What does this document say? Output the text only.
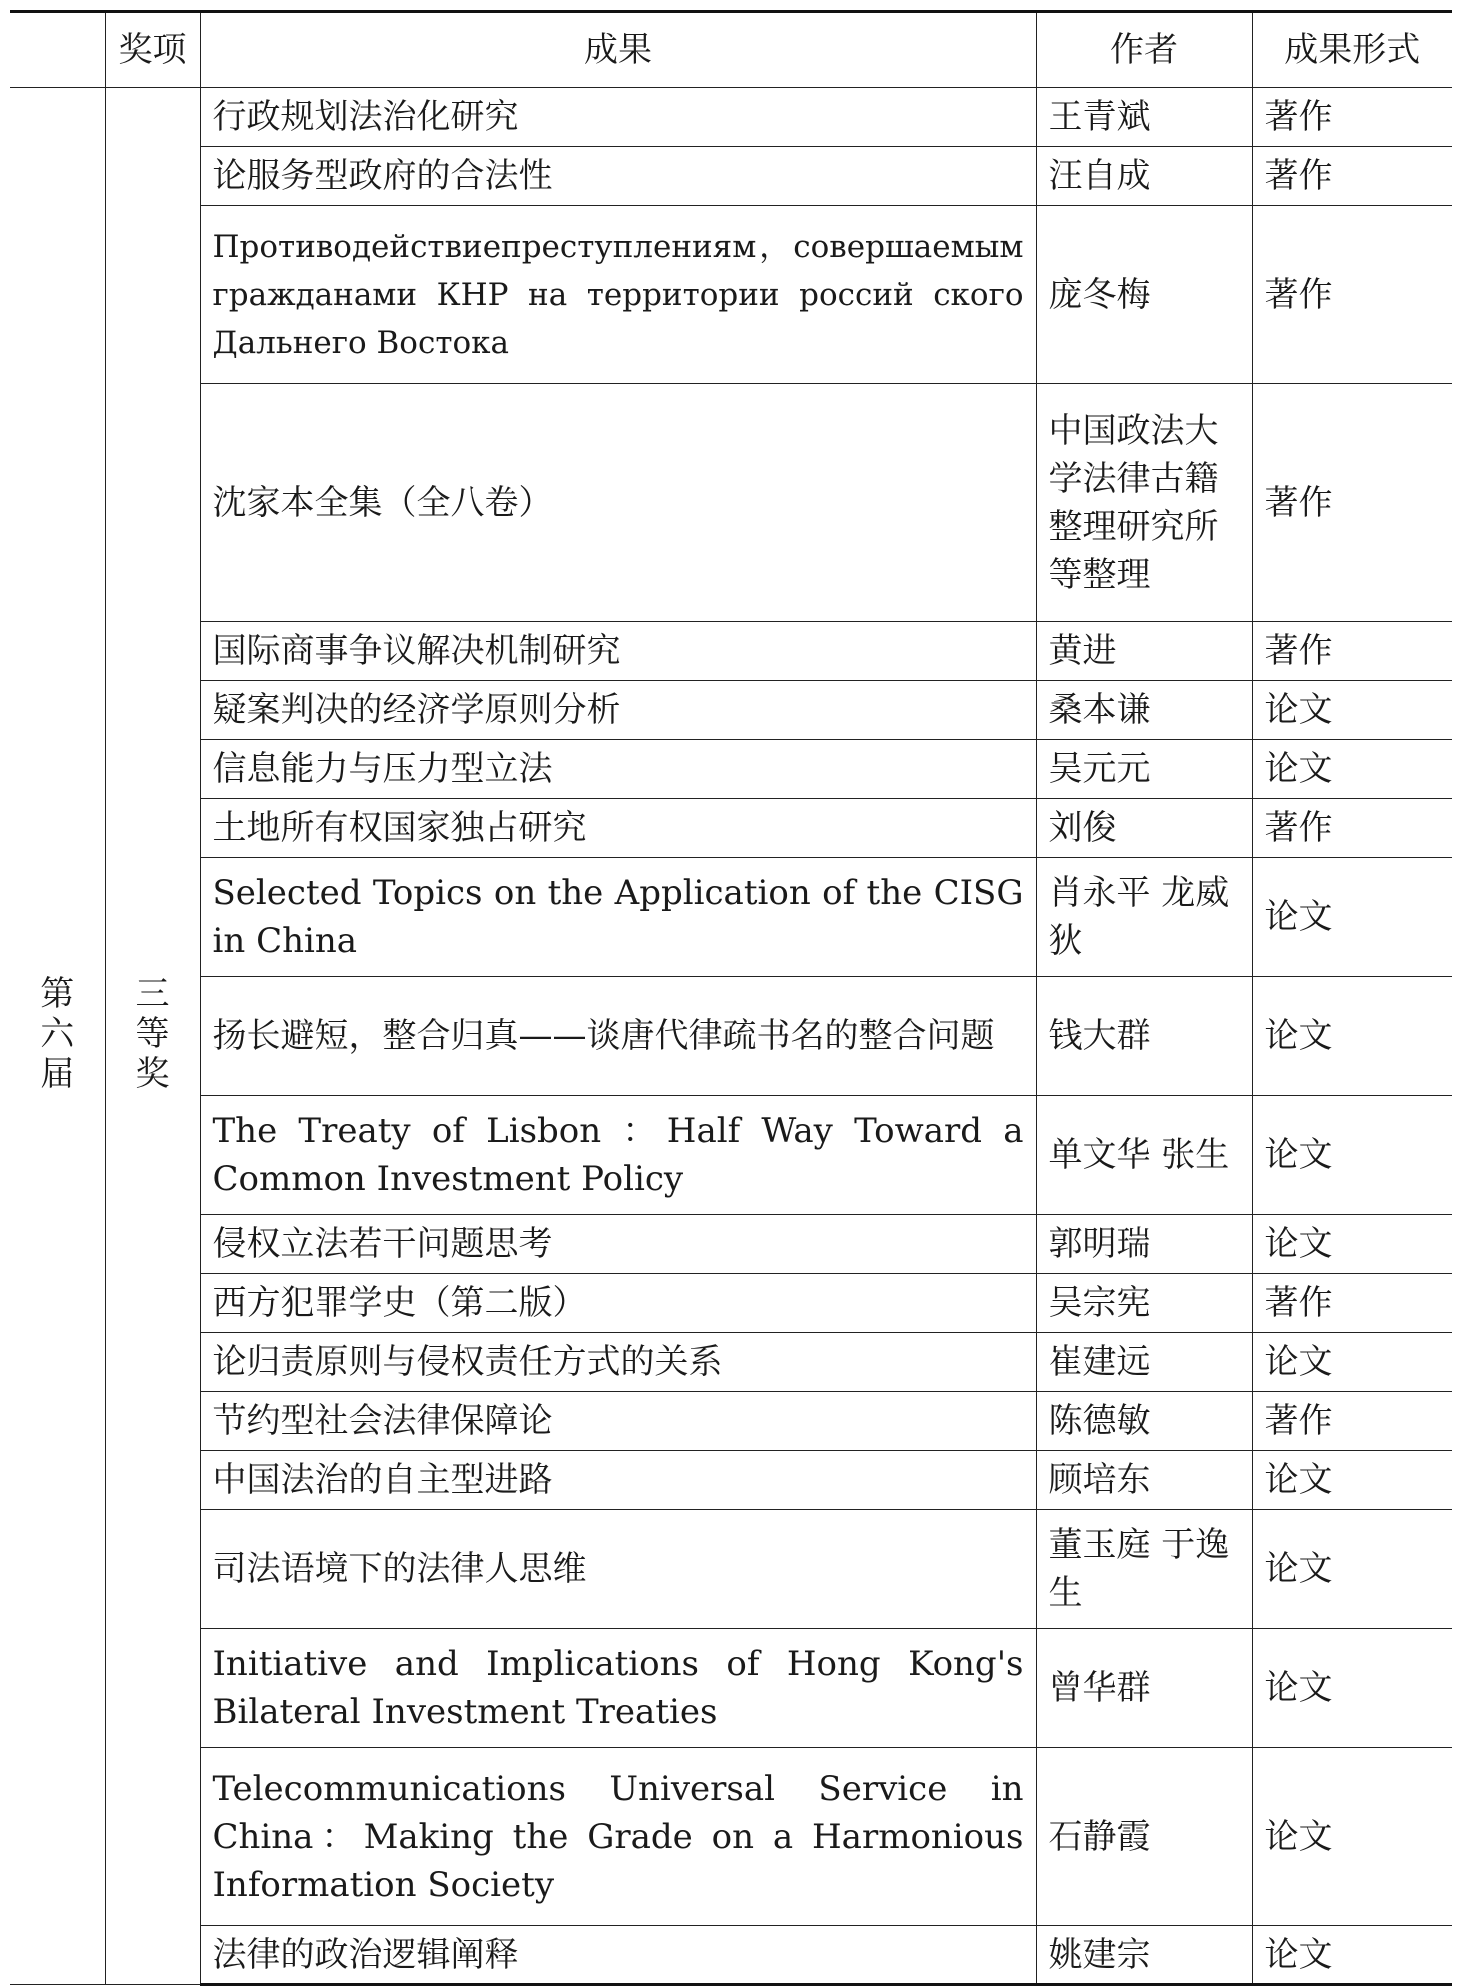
	奖项	成果	作者	成果形式
第六届	三等奖	行政规划法治化研究	王青斌	著作
		论服务型政府的合法性	汪自成	著作
		Противодействиепреступлениям，совершаемым гражданами КНР на территории россий ского Дальнего Востока	庞冬梅	著作
		沈家本全集（全八卷）	中国政法大学法律古籍整理研究所等整理	著作
		国际商事争议解决机制研究	黄进	著作
		疑案判决的经济学原则分析	桑本谦	论文
		信息能力与压力型立法	吴元元	论文
		土地所有权国家独占研究	刘俊	著作
		Selected Topics on the Application of the CISG in China	肖永平 龙威狄	论文
		扬长避短，整合归真——谈唐代律疏书名的整合问题	钱大群	论文
		The Treaty of Lisbon ：Half Way Toward a Common Investment Policy	单文华 张生	论文
		侵权立法若干问题思考	郭明瑞	论文
		西方犯罪学史（第二版）	吴宗宪	著作
		论归责原则与侵权责任方式的关系	崔建远	论文
		节约型社会法律保障论	陈德敏	著作
		中国法治的自主型进路	顾培东	论文
		司法语境下的法律人思维	董玉庭 于逸生	论文
		Initiative and Implications of Hong Kong's Bilateral Investment Treaties	曾华群	论文
		Telecommunications Universal Service in China：Making the Grade on a Harmonious Information Society	石静霞	论文
		法律的政治逻辑阐释	姚建宗	论文
